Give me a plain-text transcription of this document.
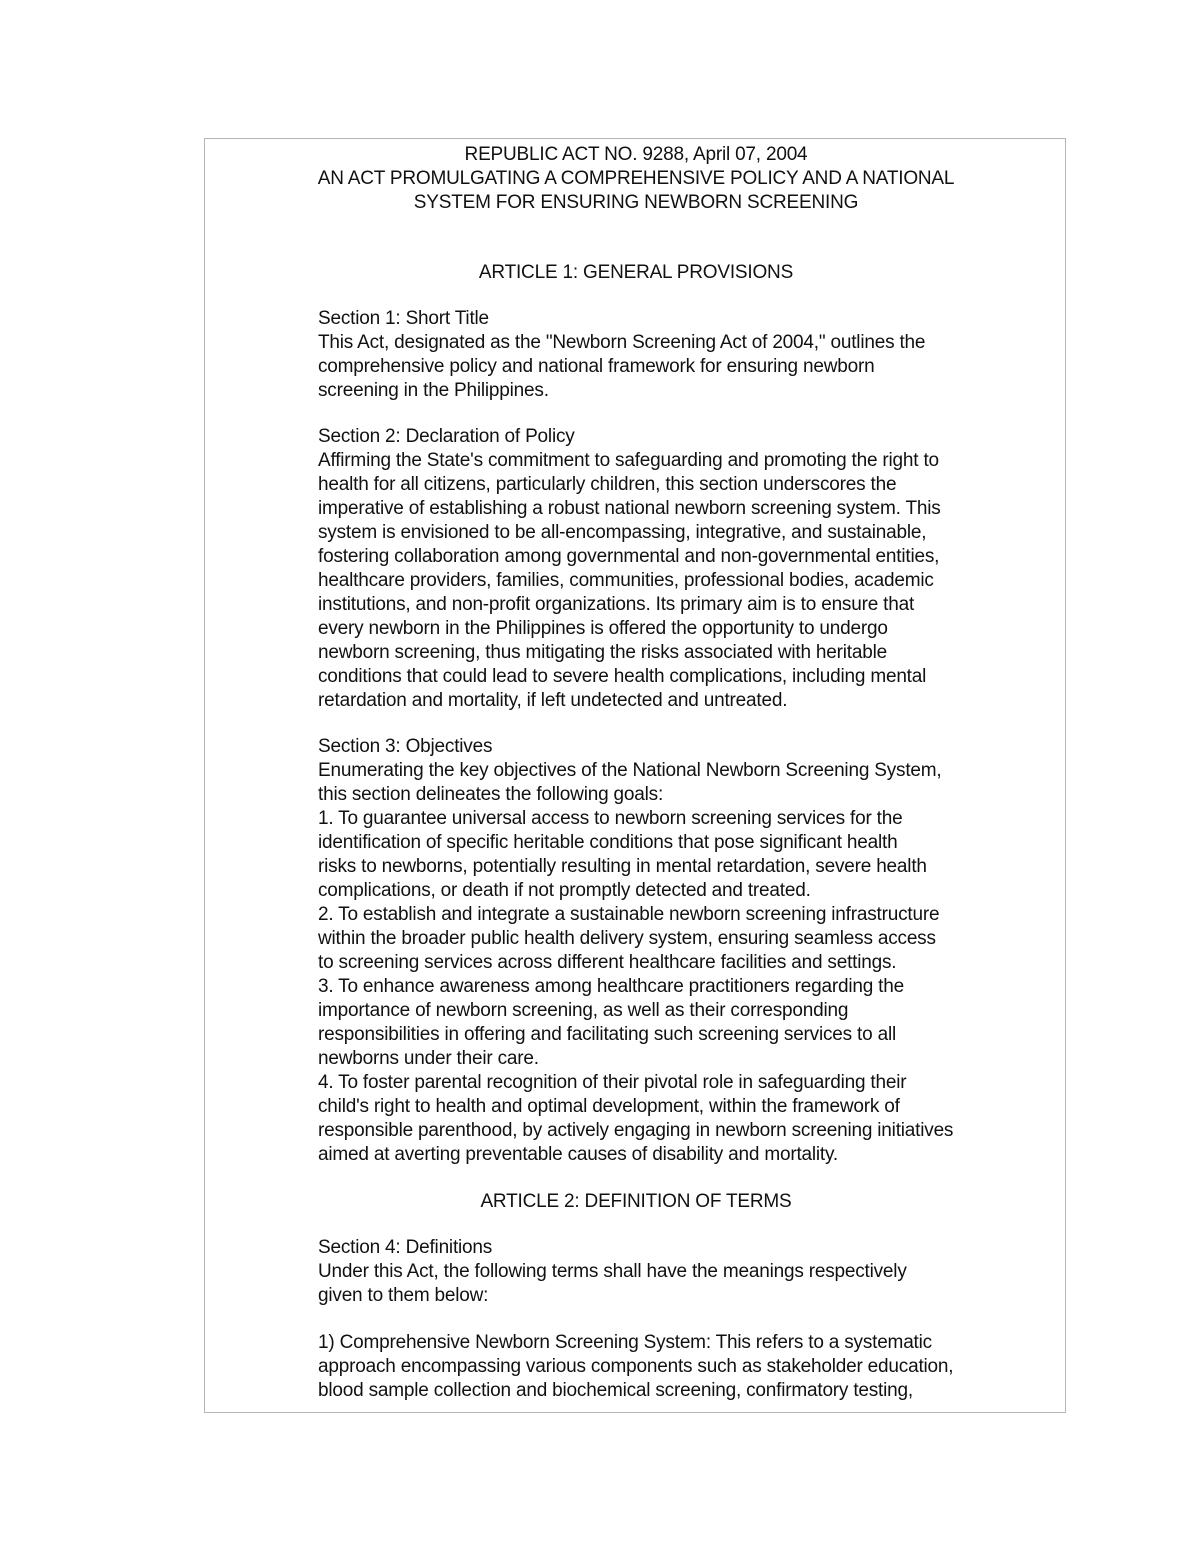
REPUBLIC ACT NO. 9288, April 07, 2004
AN ACT PROMULGATING A COMPREHENSIVE POLICY AND A NATIONAL
SYSTEM FOR ENSURING NEWBORN SCREENING
ARTICLE 1: GENERAL PROVISIONS
Section 1: Short Title
This Act, designated as the "Newborn Screening Act of 2004," outlines the
comprehensive policy and national framework for ensuring newborn
screening in the Philippines.
Section 2: Declaration of Policy
Affirming the State's commitment to safeguarding and promoting the right to
health for all citizens, particularly children, this section underscores the
imperative of establishing a robust national newborn screening system. This
system is envisioned to be all-encompassing, integrative, and sustainable,
fostering collaboration among governmental and non-governmental entities,
healthcare providers, families, communities, professional bodies, academic
institutions, and non-profit organizations. Its primary aim is to ensure that
every newborn in the Philippines is offered the opportunity to undergo
newborn screening, thus mitigating the risks associated with heritable
conditions that could lead to severe health complications, including mental
retardation and mortality, if left undetected and untreated.
Section 3: Objectives
Enumerating the key objectives of the National Newborn Screening System,
this section delineates the following goals:
1. To guarantee universal access to newborn screening services for the
identification of specific heritable conditions that pose significant health
risks to newborns, potentially resulting in mental retardation, severe health
complications, or death if not promptly detected and treated.
2. To establish and integrate a sustainable newborn screening infrastructure
within the broader public health delivery system, ensuring seamless access
to screening services across different healthcare facilities and settings.
3. To enhance awareness among healthcare practitioners regarding the
importance of newborn screening, as well as their corresponding
responsibilities in offering and facilitating such screening services to all
newborns under their care.
4. To foster parental recognition of their pivotal role in safeguarding their
child's right to health and optimal development, within the framework of
responsible parenthood, by actively engaging in newborn screening initiatives
aimed at averting preventable causes of disability and mortality.
ARTICLE 2: DEFINITION OF TERMS
Section 4: Definitions
Under this Act, the following terms shall have the meanings respectively
given to them below:
1) Comprehensive Newborn Screening System: This refers to a systematic
approach encompassing various components such as stakeholder education,
blood sample collection and biochemical screening, confirmatory testing,
